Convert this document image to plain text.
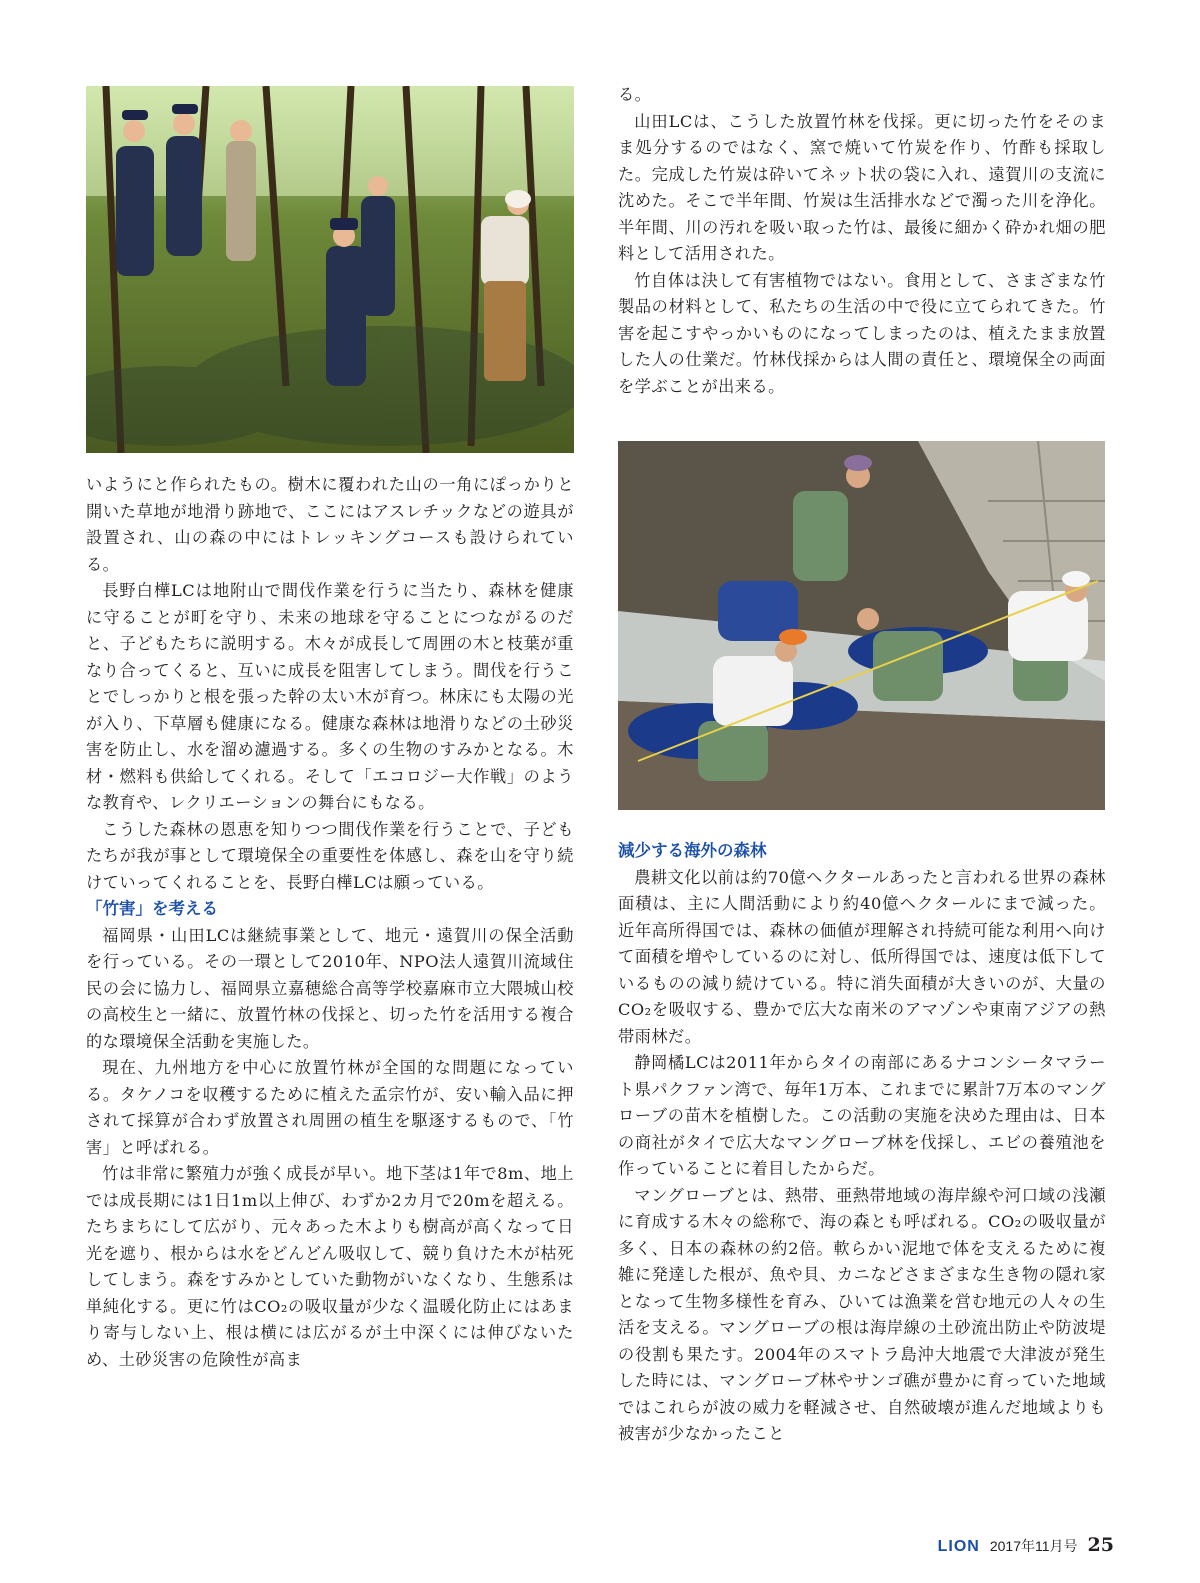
いようにと作られたもの。樹木に覆われた山の一角にぽっかりと開いた草地が地滑り跡地で、ここにはアスレチックなどの遊具が設置され、山の森の中にはトレッキングコースも設けられている。

長野白樺LCは地附山で間伐作業を行うに当たり、森林を健康に守ることが町を守り、未来の地球を守ることにつながるのだと、子どもたちに説明する。木々が成長して周囲の木と枝葉が重なり合ってくると、互いに成長を阻害してしまう。間伐を行うことでしっかりと根を張った幹の太い木が育つ。林床にも太陽の光が入り、下草層も健康になる。健康な森林は地滑りなどの土砂災害を防止し、水を溜め濾過する。多くの生物のすみかとなる。木材・燃料も供給してくれる。そして「エコロジー大作戦」のような教育や、レクリエーションの舞台にもなる。

こうした森林の恩恵を知りつつ間伐作業を行うことで、子どもたちが我が事として環境保全の重要性を体感し、森を山を守り続けていってくれることを、長野白樺LCは願っている。

「竹害」を考える

福岡県・山田LCは継続事業として、地元・遠賀川の保全活動を行っている。その一環として2010年、NPO法人遠賀川流域住民の会に協力し、福岡県立嘉穂総合高等学校嘉麻市立大隈城山校の高校生と一緒に、放置竹林の伐採と、切った竹を活用する複合的な環境保全活動を実施した。

現在、九州地方を中心に放置竹林が全国的な問題になっている。タケノコを収穫するために植えた孟宗竹が、安い輸入品に押されて採算が合わず放置され周囲の植生を駆逐するもので、「竹害」と呼ばれる。

竹は非常に繁殖力が強く成長が早い。地下茎は1年で8m、地上では成長期には1日1m以上伸び、わずか2カ月で20mを超える。たちまちにして広がり、元々あった木よりも樹高が高くなって日光を遮り、根からは水をどんどん吸収して、競り負けた木が枯死してしまう。森をすみかとしていた動物がいなくなり、生態系は単純化する。更に竹はCO₂の吸収量が少なく温暖化防止にはあまり寄与しない上、根は横には広がるが土中深くには伸びないため、土砂災害の危険性が高ま

る。

山田LCは、こうした放置竹林を伐採。更に切った竹をそのまま処分するのではなく、窯で焼いて竹炭を作り、竹酢も採取した。完成した竹炭は砕いてネット状の袋に入れ、遠賀川の支流に沈めた。そこで半年間、竹炭は生活排水などで濁った川を浄化。半年間、川の汚れを吸い取った竹は、最後に細かく砕かれ畑の肥料として活用された。

竹自体は決して有害植物ではない。食用として、さまざまな竹製品の材料として、私たちの生活の中で役に立てられてきた。竹害を起こすやっかいものになってしまったのは、植えたまま放置した人の仕業だ。竹林伐採からは人間の責任と、環境保全の両面を学ぶことが出来る。

減少する海外の森林

農耕文化以前は約70億ヘクタールあったと言われる世界の森林面積は、主に人間活動により約40億ヘクタールにまで減った。近年高所得国では、森林の価値が理解され持続可能な利用へ向けて面積を増やしているのに対し、低所得国では、速度は低下しているものの減り続けている。特に消失面積が大きいのが、大量のCO₂を吸収する、豊かで広大な南米のアマゾンや東南アジアの熱帯雨林だ。

静岡橘LCは2011年からタイの南部にあるナコンシータマラート県パクファン湾で、毎年1万本、これまでに累計7万本のマングローブの苗木を植樹した。この活動の実施を決めた理由は、日本の商社がタイで広大なマングローブ林を伐採し、エビの養殖池を作っていることに着目したからだ。

マングローブとは、熱帯、亜熱帯地域の海岸線や河口域の浅瀬に育成する木々の総称で、海の森とも呼ばれる。CO₂の吸収量が多く、日本の森林の約2倍。軟らかい泥地で体を支えるために複雑に発達した根が、魚や貝、カニなどさまざまな生き物の隠れ家となって生物多様性を育み、ひいては漁業を営む地元の人々の生活を支える。マングローブの根は海岸線の土砂流出防止や防波堤の役割も果たす。2004年のスマトラ島沖大地震で大津波が発生した時には、マングローブ林やサンゴ礁が豊かに育っていた地域ではこれらが波の威力を軽減させ、自然破壊が進んだ地域よりも被害が少なかったこと

LION 2017年11月号 25
